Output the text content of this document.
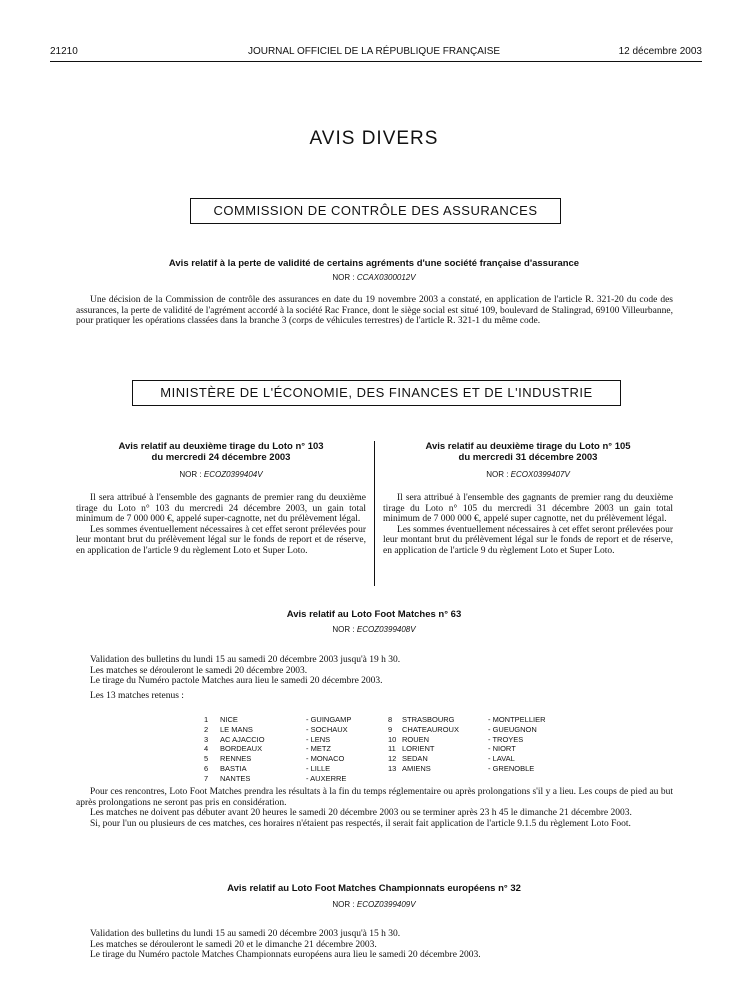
21210	JOURNAL OFFICIEL DE LA RÉPUBLIQUE FRANÇAISE	12 décembre 2003
AVIS DIVERS
COMMISSION DE CONTRÔLE DES ASSURANCES
Avis relatif à la perte de validité de certains agréments d'une société française d'assurance
NOR : CCAX0300012V

Une décision de la Commission de contrôle des assurances en date du 19 novembre 2003 a constaté, en application de l'article R. 321-20 du code des assurances, la perte de validité de l'agrément accordé à la société Rac France, dont le siège social est situé 109, boulevard de Stalingrad, 69100 Villeurbanne, pour pratiquer les opérations classées dans la branche 3 (corps de véhicules terrestres) de l'article R. 321-1 du même code.

MINISTÈRE DE L'ÉCONOMIE, DES FINANCES ET DE L'INDUSTRIE
Avis relatif au deuxième tirage du Loto n° 103
du mercredi 24 décembre 2003
NOR : ECOZ0399404V

Il sera attribué à l'ensemble des gagnants de premier rang du deuxième tirage du Loto n° 103 du mercredi 24 décembre 2003, un gain total minimum de 7 000 000 €, appelé super-cagnotte, net du prélèvement légal.

Les sommes éventuellement nécessaires à cet effet seront prélevées pour leur montant brut du prélèvement légal sur le fonds de report et de réserve, en application de l'article 9 du règlement Loto et Super Loto.

Avis relatif au deuxième tirage du Loto n° 105
du mercredi 31 décembre 2003
NOR : ECOX0399407V

Il sera attribué à l'ensemble des gagnants de premier rang du deuxième tirage du Loto n° 105 du mercredi 31 décembre 2003 un gain total minimum de 7 000 000 €, appelé super cagnotte, net du prélèvement légal.

Les sommes éventuellement nécessaires à cet effet seront prélevées pour leur montant brut du prélèvement légal sur le fonds de report et de réserve, en application de l'article 9 du règlement Loto et Super Loto.

Avis relatif au Loto Foot Matches n° 63
NOR : ECOZ0399408V
Validation des bulletins du lundi 15 au samedi 20 décembre 2003 jusqu'à 19 h 30.
Les matches se dérouleront le samedi 20 décembre 2003.
Le tirage du Numéro pactole Matches aura lieu le samedi 20 décembre 2003.
Les 13 matches retenus :
1	NICE	- GUINGAMP	8	STRASBOURG	- MONTPELLIER
2	LE MANS	- SOCHAUX	9	CHATEAUROUX	- GUEUGNON
3	AC AJACCIO	- LENS	10 ROUEN	- TROYES
4	BORDEAUX	- METZ	11 LORIENT	- NIORT
5	RENNES	- MONACO	12 SEDAN	- LAVAL
6	BASTIA	- LILLE	13 AMIENS	- GRENOBLE
7	NANTES	- AUXERRE

Pour ces rencontres, Loto Foot Matches prendra les résultats à la fin du temps réglementaire ou après prolongations s'il y a lieu. Les coups de pied au but après prolongations ne seront pas pris en considération.

Les matches ne doivent pas débuter avant 20 heures le samedi 20 décembre 2003 ou se terminer après 23 h 45 le dimanche 21 décembre 2003.

Si, pour l'un ou plusieurs de ces matches, ces horaires n'étaient pas respectés, il serait fait application de l'article 9.1.5 du règlement Loto Foot.

Avis relatif au Loto Foot Matches Championnats européens n° 32
NOR : ECOZ0399409V
Validation des bulletins du lundi 15 au samedi 20 décembre 2003 jusqu'à 15 h 30.
Les matches se dérouleront le samedi 20 et le dimanche 21 décembre 2003.
Le tirage du Numéro pactole Matches Championnats européens aura lieu le samedi 20 décembre 2003.
